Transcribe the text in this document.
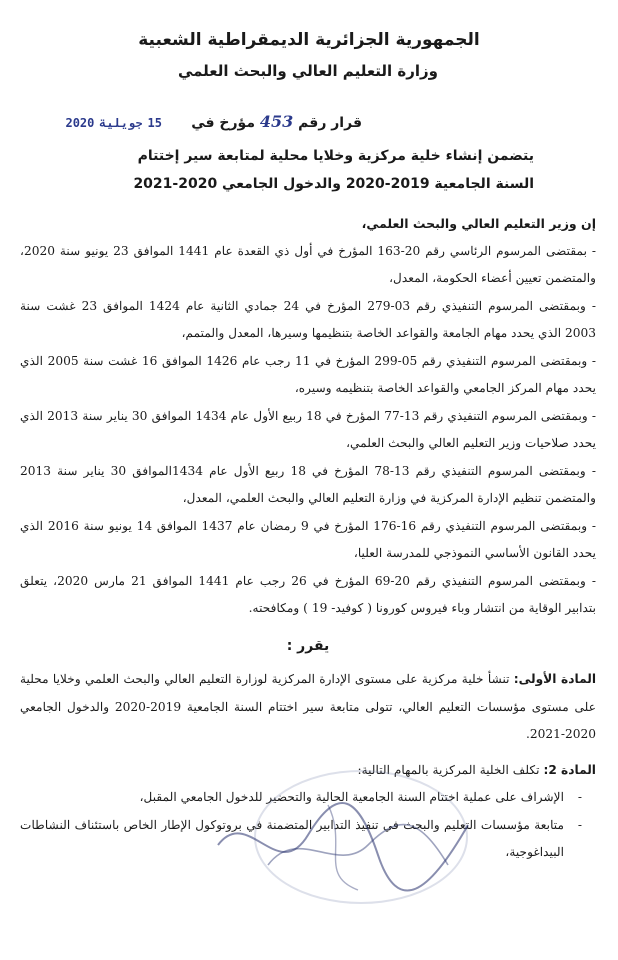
الجمهورية الجزائرية الديمقراطية الشعبية
وزارة التعليم العالي والبحث العلمي
قرار رقم 453 مؤرخ في      15 جويلية 2020
يتضمن إنشاء خلية مركزية وخلايا محلية لمتابعة سير إختتام
السنة الجامعية 2019-2020 والدخول الجامعي 2020-2021
إن وزير التعليم العالي والبحث العلمي،

- بمقتضى المرسوم الرئاسي رقم 20-163 المؤرخ في أول ذي القعدة عام 1441 الموافق 23 يونيو سنة 2020، والمتضمن تعيين أعضاء الحكومة، المعدل،

- وبمقتضى المرسوم التنفيذي رقم 03-279 المؤرخ في 24 جمادي الثانية عام 1424 الموافق 23 غشت سنة 2003 الذي يحدد مهام الجامعة والقواعد الخاصة بتنظيمها وسيرها، المعدل والمتمم،

- وبمقتضى المرسوم التنفيذي رقم 05-299 المؤرخ في 11 رجب عام 1426 الموافق 16 غشت سنة 2005 الذي يحدد مهام المركز الجامعي والقواعد الخاصة بتنظيمه وسيره،

- وبمقتضى المرسوم التنفيذي رقم 13-77 المؤرخ في 18 ربيع الأول عام 1434 الموافق 30 يناير سنة 2013 الذي يحدد صلاحيات وزير التعليم العالي والبحث العلمي،

- وبمقتضى المرسوم التنفيذي رقم 13-78 المؤرخ في 18 ربيع الأول عام 1434الموافق 30 يناير سنة 2013 والمتضمن تنظيم الإدارة المركزية في وزارة التعليم العالي والبحث العلمي، المعدل،

- وبمقتضى المرسوم التنفيذي رقم 16-176 المؤرخ في 9 رمضان عام 1437 الموافق 14 يونيو سنة 2016 الذي يحدد القانون الأساسي النموذجي للمدرسة العليا،

- وبمقتضى المرسوم التنفيذي رقم 20-69 المؤرخ في 26 رجب عام 1441 الموافق 21 مارس 2020، يتعلق بتدابير الوقاية من انتشار وباء فيروس كورونا ( كوفيد- 19 ) ومكافحته.

يقرر :

المادة الأولى: تنشأ خلية مركزية على مستوى الإدارة المركزية لوزارة التعليم العالي والبحث العلمي وخلايا محلية على مستوى مؤسسات التعليم العالي، تتولى متابعة سير اختتام السنة الجامعية 2019-2020 والدخول الجامعي 2020-2021.

المادة 2: تكلف الخلية المركزية بالمهام التالية:

- الإشراف على عملية اختتام السنة الجامعية الحالية والتحضير للدخول الجامعي المقبل،
- متابعة مؤسسات التعليم والبحث في تنفيذ التدابير المتضمنة في بروتوكول الإطار الخاص باستئناف النشاطات البيداغوجية،
